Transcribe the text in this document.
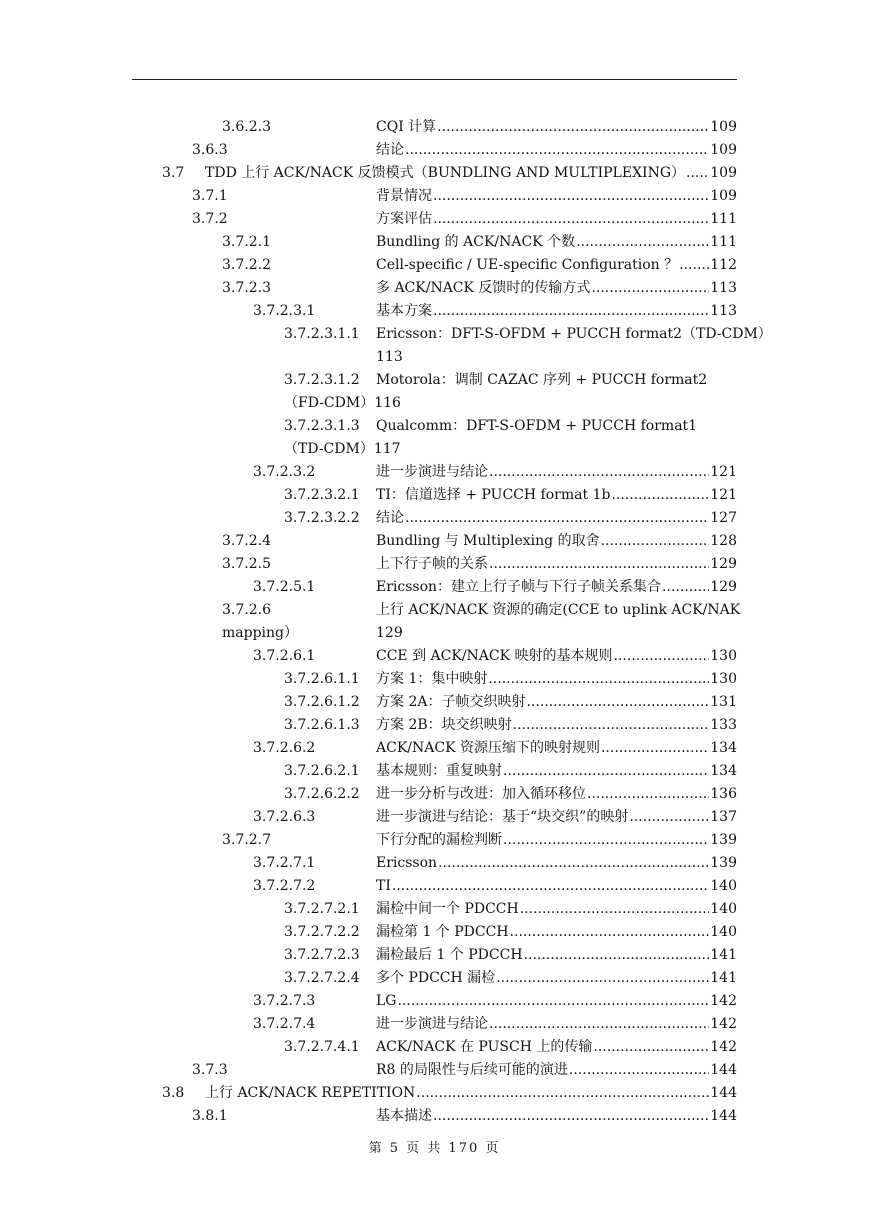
3.6.2.3	CQI 计算 .....	109
3.6.3	结论 .....	109
3.7 TDD 上行 ACK/NACK 反馈模式（BUNDLING AND MULTIPLEXING） ..... 109
3.7.1	背景情况 .....	109
3.7.2	方案评估 .....	111
3.7.2.1	Bundling 的 ACK/NACK 个数 .....	111
3.7.2.2	Cell-specific / UE-specific Configuration ？ ..... 112
3.7.2.3	多 ACK/NACK 反馈时的传输方式 .....	113
3.7.2.3.1	基本方案 .....	113
3.7.2.3.1.1 Ericsson：DFT-S-OFDM + PUCCH format2（TD-CDM）
113
3.7.2.3.1.2 Motorola：调制 CAZAC 序列 + PUCCH format2
（FD-CDM）116
3.7.2.3.1.3 Qualcomm：DFT-S-OFDM + PUCCH format1
（TD-CDM）117
3.7.2.3.2	进一步演进与结论 .....	121
3.7.2.3.2.1 TI：信道选择 + PUCCH format 1b .....	121
3.7.2.3.2.2 结论 .....	127
3.7.2.4	Bundling 与 Multiplexing 的取舍 .....	128
3.7.2.5	上下行子帧的关系 .....	129
3.7.2.5.1	Ericsson：建立上行子帧与下行子帧关系集合 .....	129
3.7.2.6	上行 ACK/NACK 资源的确定(CCE to uplink ACK/NAK
mapping）	129
3.7.2.6.1	CCE 到 ACK/NACK 映射的基本规则 .....	130
3.7.2.6.1.1 方案 1：集中映射 .....	130
3.7.2.6.1.2 方案 2A：子帧交织映射 .....	131
3.7.2.6.1.3 方案 2B：块交织映射 .....	133
3.7.2.6.2	ACK/NACK 资源压缩下的映射规则 .....	134
3.7.2.6.2.1 基本规则：重复映射 .....	134
3.7.2.6.2.2 进一步分析与改进：加入循环移位 .....	136
3.7.2.6.3	进一步演进与结论：基于“块交织”的映射 .....	137
3.7.2.7	下行分配的漏检判断 .....	139
3.7.2.7.1	Ericsson .....	139
3.7.2.7.2	TI .....	140
3.7.2.7.2.1 漏检中间一个 PDCCH .....	140
3.7.2.7.2.2 漏检第 1 个 PDCCH .....	140
3.7.2.7.2.3 漏检最后 1 个 PDCCH .....	141
3.7.2.7.2.4 多个 PDCCH 漏检 .....	141
3.7.2.7.3	LG .....	142
3.7.2.7.4	进一步演进与结论 .....	142
3.7.2.7.4.1 ACK/NACK 在 PUSCH 上的传输 .....	142
3.7.3	R8 的局限性与后续可能的演进 .....	144
3.8 上行 ACK/NACK REPETITION .....	144
3.8.1	基本描述 .....	144
第 5 页 共 170 页
